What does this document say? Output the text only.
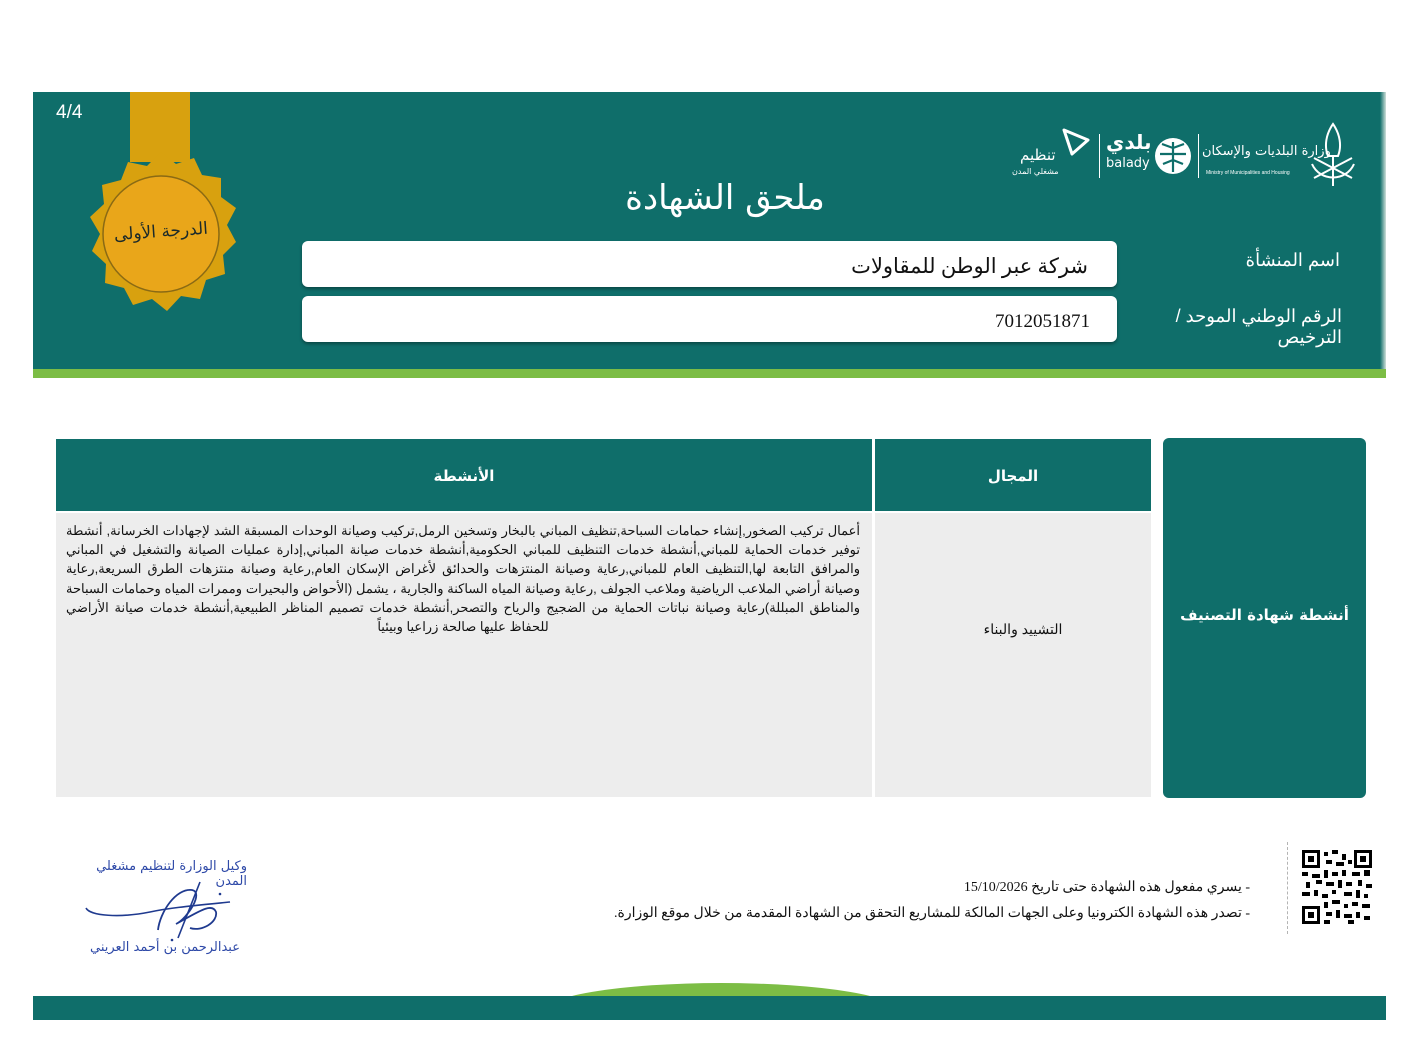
4/4
الدرجة الأولى
ملحق الشهادة
وزارة البلديات والإسكان
Ministry of Municipalities and Housing
بلدي
balady
تنظيم
مشغلي المدن
شركة عبر الوطن للمقاولات	اسم المنشأة
7012051871	الرقم الوطني الموحد /الترخيص
الأنشطة	المجال
أعمال تركيب الصخور,إنشاء حمامات السباحة,تنظيف المباني بالبخار وتسخين الرمل,تركيب وصيانة الوحدات المسبقة الشد لإجهادات الخرسانة, أنشطة توفير خدمات الحماية للمباني,أنشطة خدمات التنظيف للمباني الحكومية,أنشطة خدمات صيانة المباني,إدارة عمليات الصيانة والتشغيل في المباني والمرافق التابعة لها,التنظيف العام للمباني,رعاية وصيانة المنتزهات والحدائق لأغراض الإسكان العام,رعاية وصيانة منتزهات الطرق السريعة,رعاية وصيانة أراضي الملاعب الرياضية وملاعب الجولف ,رعاية وصيانة المياه الساكنة والجارية ، يشمل (الأحواض والبحيرات وممرات المياه وحمامات السباحة والمناطق المبللة)رعاية وصيانة نباتات الحماية من الضجيج والرياح والتصحر,أنشطة خدمات تصميم المناظر الطبيعية,أنشطة خدمات صيانة الأراضي للحفاظ عليها صالحة زراعيا وبيئياً	التشييد والبناء
أنشطة شهادة التصنيف
- يسري مفعول هذه الشهادة حتى تاريخ 15/10/2026
- تصدر هذه الشهادة الكترونيا وعلى الجهات المالكة للمشاريع التحقق من الشهادة المقدمة من خلال موقع الوزارة.
وكيل الوزارة لتنظيم مشغلي المدن
عبدالرحمن بن أحمد العريني
